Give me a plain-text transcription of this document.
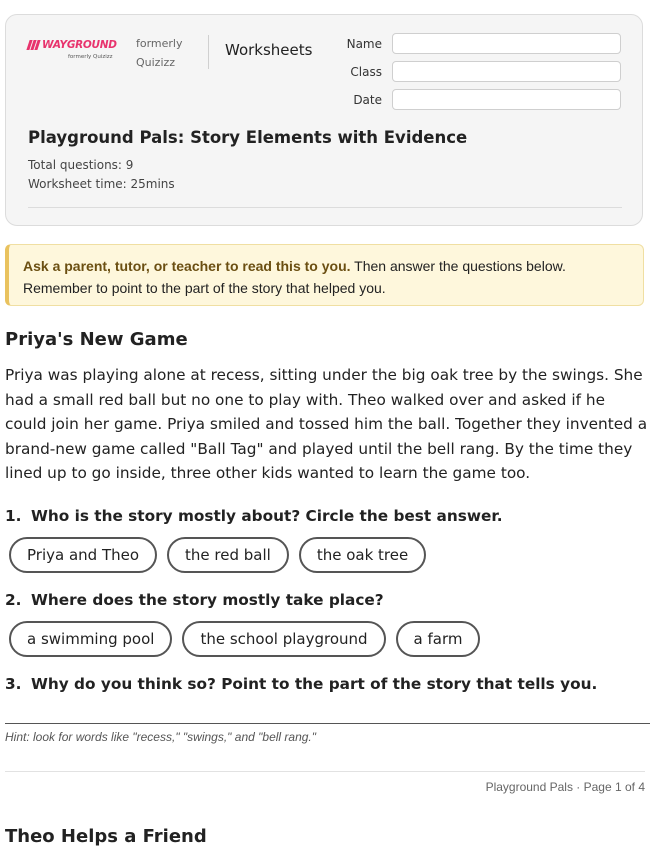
WAYGROUND
formerly Quizizz
formerly Quizizz
Worksheets	Name
Class
Date
Playground Pals: Story Elements with Evidence
Total questions: 9
Worksheet time: 25mins
Ask a parent, tutor, or teacher to read this to you. Then answer the questions below. Remember to point to the part of the story that helped you.
Priya's New Game
Priya was playing alone at recess, sitting under the big oak tree by the swings. She had a small red ball but no one to play with. Theo walked over and asked if he could join her game. Priya smiled and tossed him the ball. Together they invented a brand-new game called "Ball Tag" and played until the bell rang. By the time they lined up to go inside, three other kids wanted to learn the game too.
1. Who is the story mostly about? Circle the best answer.
Priya and Theo	the red ball	the oak tree
2. Where does the story mostly take place?
a swimming pool	the school playground	a farm
3. Why do you think so? Point to the part of the story that tells you.
Hint: look for words like "recess," "swings," and "bell rang."
Playground Pals · Page 1 of 4
Theo Helps a Friend
